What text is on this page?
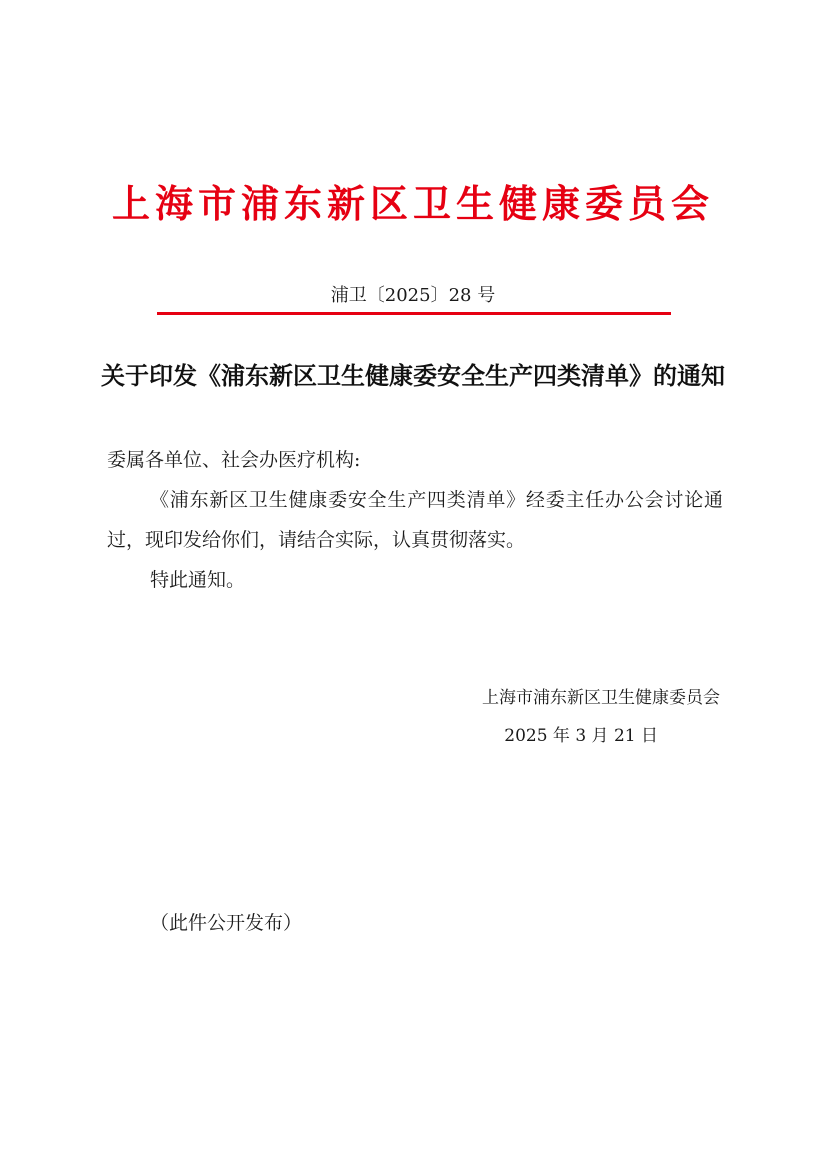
上海市浦东新区卫生健康委员会
浦卫〔2025〕28 号
关于印发《浦东新区卫生健康委安全生产四类清单》的通知
委属各单位、社会办医疗机构:
《浦东新区卫生健康委安全生产四类清单》经委主任办公会讨论通过，现印发给你们，请结合实际，认真贯彻落实。
特此通知。
上海市浦东新区卫生健康委员会
2025 年 3 月 21 日
（此件公开发布）
